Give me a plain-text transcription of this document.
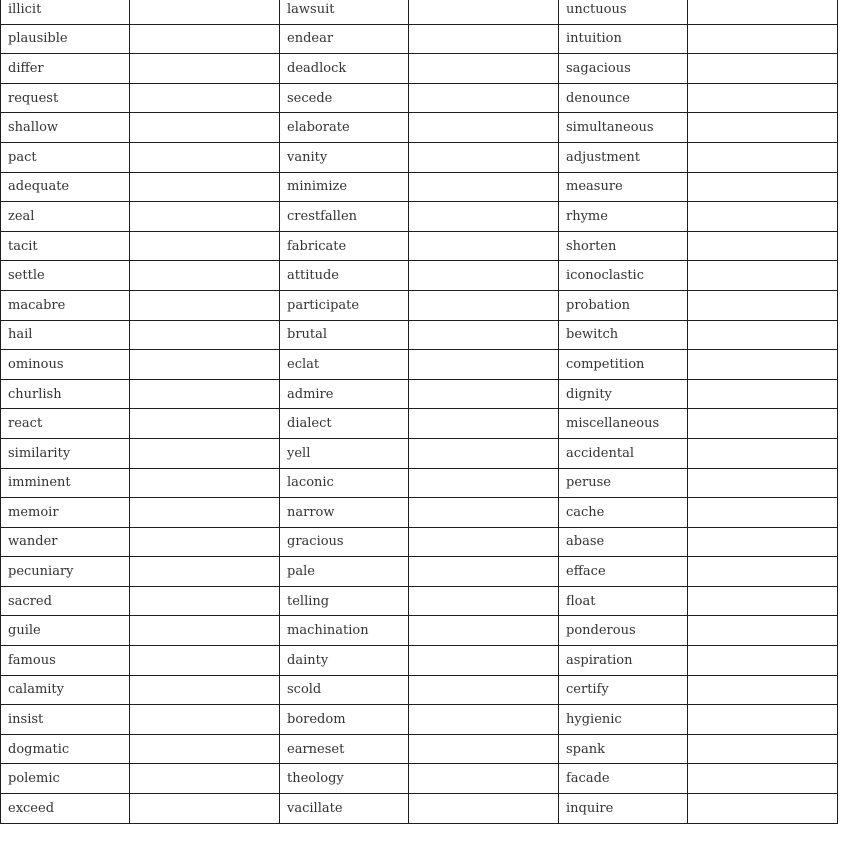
illicit		lawsuit		unctuous	
plausible		endear		intuition	
differ		deadlock		sagacious	
request		secede		denounce	
shallow		elaborate		simultaneous	
pact		vanity		adjustment	
adequate		minimize		measure	
zeal		crestfallen		rhyme	
tacit		fabricate		shorten	
settle		attitude		iconoclastic	
macabre		participate		probation	
hail		brutal		bewitch	
ominous		eclat		competition	
churlish		admire		dignity	
react		dialect		miscellaneous	
similarity		yell		accidental	
imminent		laconic		peruse	
memoir		narrow		cache	
wander		gracious		abase	
pecuniary		pale		efface	
sacred		telling		float	
guile		machination		ponderous	
famous		dainty		aspiration	
calamity		scold		certify	
insist		boredom		hygienic	
dogmatic		earneset		spank	
polemic		theology		facade	
exceed		vacillate		inquire	
